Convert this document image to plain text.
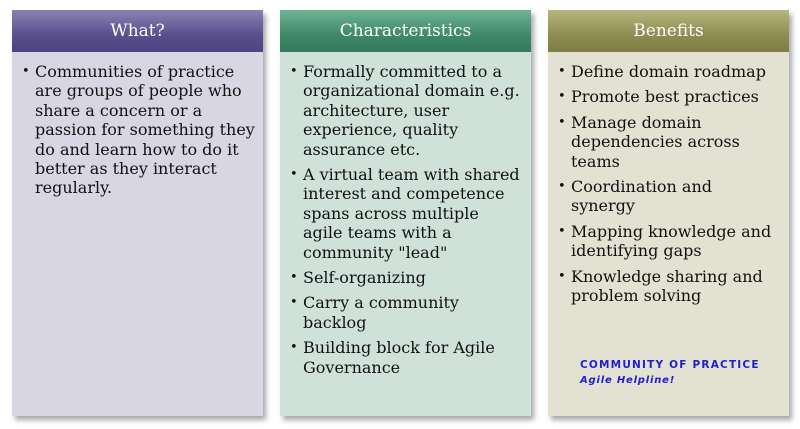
What?
• Communities of practice are groups of people who share a concern or a passion for something they do and learn how to do it better as they interact regularly.
Characteristics
• Formally committed to a organizational domain e.g. architecture, user experience, quality assurance etc.
• A virtual team with shared interest and competence spans across multiple agile teams with a community "lead"
• Self-organizing
• Carry a community backlog
• Building block for Agile Governance
Benefits
• Define domain roadmap
• Promote best practices
• Manage domain dependencies across teams
• Coordination and synergy
• Mapping knowledge and identifying gaps
• Knowledge sharing and problem solving
COMMUNITY OF PRACTICE
Agile Helpline!
